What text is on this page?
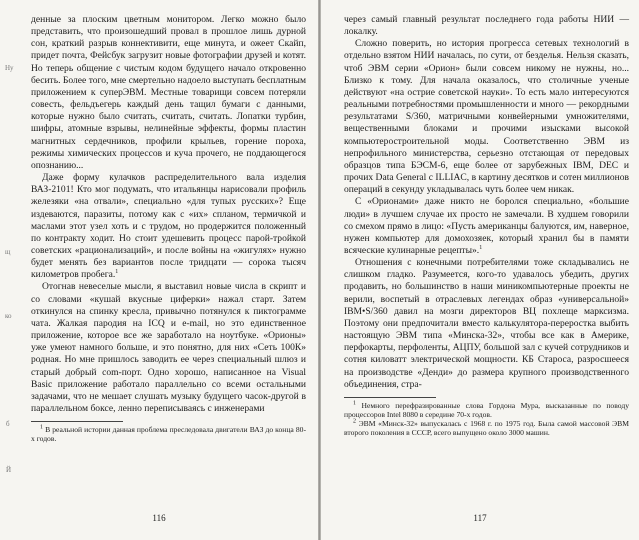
денные за плоским цветным монитором. Легко можно было представить, что произошедший провал в прошлое лишь дурной сон, краткий разрыв коннективити, еще минута, и ожеет Скайп, придет почта, Фейсбук загрузит новые фотографии друзей и котят. Но теперь общение с чистым кодом будущего начало откровенно бесить. Более того, мне смертельно надоело выступать бесплатным приложением к суперЭВМ. Местные товарищи совсем потеряли совесть, фельдъегерь каждый день тащил бумаги с данными, которые нужно было считать, считать, считать. Лопатки турбин, шифры, атомные взрывы, нелинейные эффекты, формы пластин магнитных сердечников, профили крыльев, горение пороха, режимы химических процессов и куча прочего, не поддающегося опознанию...

Даже форму кулачков распределительного вала изделия ВАЗ-2101! Кто мог подумать, что итальянцы нарисовали профиль железяки «на отвали», специально «для тупых русских»? Еще издеваются, паразиты, потому как с «их» спланом, термичкой и маслами этот узел хоть и с трудом, но продержится положенный по контракту ходит. Но стоит удешевить процесс парой-тройкой советских «рационализаций», и после войны на «жигулях» нужно будет менять без вариантов после тридцати — сорока тысяч километров пробега.$^1$

Отогнав невеселые мысли, я выставил новые числа в скрипт и со словами «кушай вкусные циферки» нажал старт. Затем откинулся на спинку кресла, привычно потянулся к пиктограмме чата. Жалкая пародия на ICQ и e-mail, но это единственное приложение, которое все же заработало на ноутбуке. «Орионы» уже умеют намного больше, и это понятно, для них «Сеть 100К» родная. Но мне пришлось заводить ее через специальный шлюз и старый добрый com-порт. Одно хорошо, написанное на Visual Basic приложение работало параллельно со всеми остальными задачами, что не мешает слушать музыку будущего часок-другой в параллельном боксе, ленно переписываясь с инженерами

$^1$ В реальной истории данная проблема преследовала двигатели ВАЗ до конца 80-х годов.

116

через самый главный результат последнего года работы НИИ — локалку.

Сложно поверить, но история прогресса сетевых технологий в отдельно взятом НИИ началась, по сути, от безделья. Нельзя сказать, чтоб ЭВМ серии «Орион» были совсем никому не нужны, но... Близко к тому. Для начала оказалось, что столичные ученые действуют «на острие советской науки». То есть мало интересуются реальными потребностями промышленности и много — рекордными результатами S/360, матричными конвейерными умножителями, вещественными блоками и прочими изысками высокой компьютеростроительной моды. Соответственно ЭВМ из непрофильного министерства, серьезно отстающая от передовых образцов типа БЭСМ-6, еще более от зарубежных IBM, DEC и прочих Data General с ILLIAC, в картину десятков и сотен миллионов операций в секунду укладывалась чуть более чем никак.

С «Орионами» даже никто не боролся специально, «большие люди» в лучшем случае их просто не замечали. В худшем говорили со смехом прямо в лицо: «Пусть американцы балуются, им, наверное, нужен компьютер для домохозяек, который хранил бы в памяти всяческие кулинарные рецепты».$^1$

Отношения с конечными потребителями тоже складывались не слишком гладко. Разумеется, кого-то удавалось убедить, других продавить, но большинство в наши миникомпьютерные проекты не верили, воспетый в отраслевых легендах образ «универсальной» IBM•S/360 давил на мозги директоров ВЦ похлеще марксизма. Поэтому они предпочитали вместо калькулятора-переростка выбить настоящую ЭВМ типа «Минска-32», чтобы все как в Америке, перфокарты, перфоленты, АЦПУ, большой зал с кучей сотрудников и сотня киловатт электрической мощности. КБ Староса, разросшееся на производстве «Денди» до размера крупного производственного объединения, стра-

$^1$ Немного перефразированные слова Гордона Мура, высказанные по поводу процессоров Intel 8080 в середине 70-х годов.

$^2$ ЭВМ «Минск-32» выпускалась с 1968 г. по 1975 год. Была самой массовой ЭВМ второго поколения в СССР, всего выпущено около 3000 машин.

117
Ну
щ
ко
б
Й
